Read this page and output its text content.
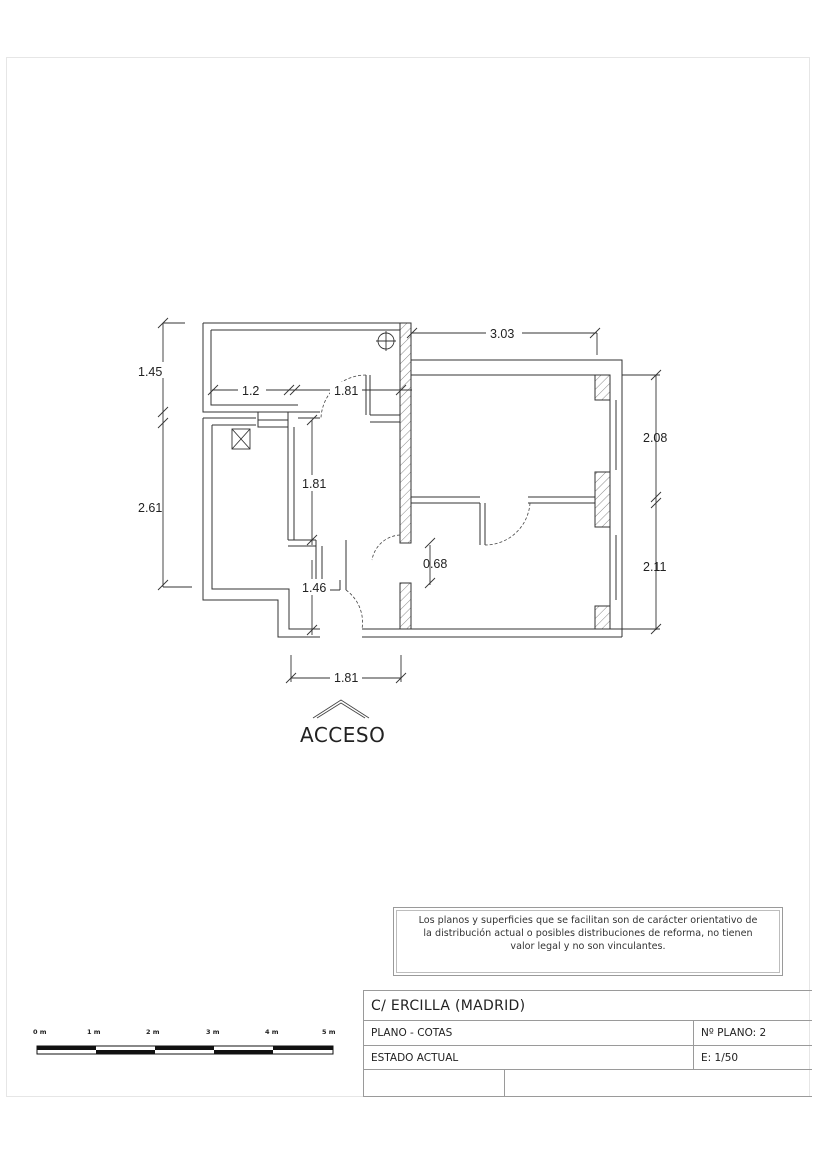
1.45
1.2	1.81
3.03
2.08
1.81
2.61
0.68
1.46
2.11
1.81
ACCESO
0 m	1 m	2 m	3 m	4 m	5 m
Los planos y superficies que se facilitan son de carácter orientativo de
la distribución actual o posibles distribuciones de reforma, no tienen
valor legal y no son vinculantes.
C/ ERCILLA (MADRID)
PLANO - COTAS	Nº PLANO: 2
ESTADO ACTUAL	E: 1/50
